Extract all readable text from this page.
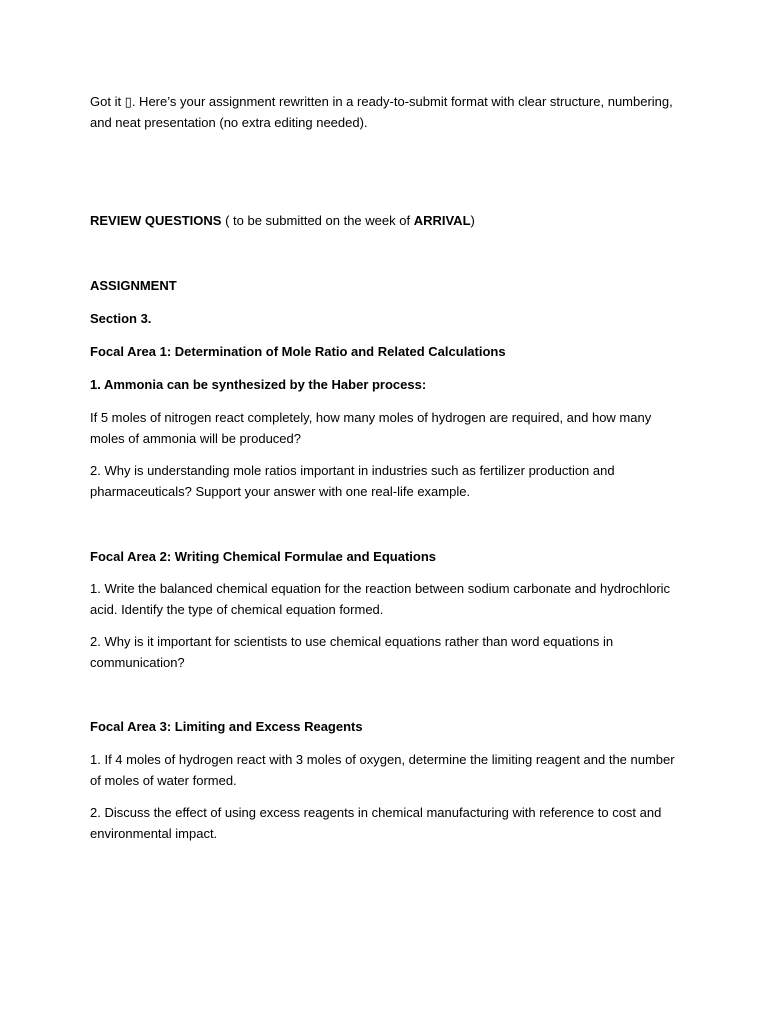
Got it ▯. Here’s your assignment rewritten in a ready-to-submit format with clear structure, numbering,
and neat presentation (no extra editing needed).

REVIEW QUESTIONS ( to be submitted on the week of ARRIVAL)

ASSIGNMENT

Section 3.

Focal Area 1: Determination of Mole Ratio and Related Calculations

1. Ammonia can be synthesized by the Haber process:

If 5 moles of nitrogen react completely, how many moles of hydrogen are required, and how many
moles of ammonia will be produced?

2. Why is understanding mole ratios important in industries such as fertilizer production and
pharmaceuticals? Support your answer with one real-life example.

Focal Area 2: Writing Chemical Formulae and Equations

1. Write the balanced chemical equation for the reaction between sodium carbonate and hydrochloric
acid. Identify the type of chemical equation formed.

2. Why is it important for scientists to use chemical equations rather than word equations in
communication?

Focal Area 3: Limiting and Excess Reagents

1. If 4 moles of hydrogen react with 3 moles of oxygen, determine the limiting reagent and the number
of moles of water formed.

2. Discuss the effect of using excess reagents in chemical manufacturing with reference to cost and
environmental impact.
